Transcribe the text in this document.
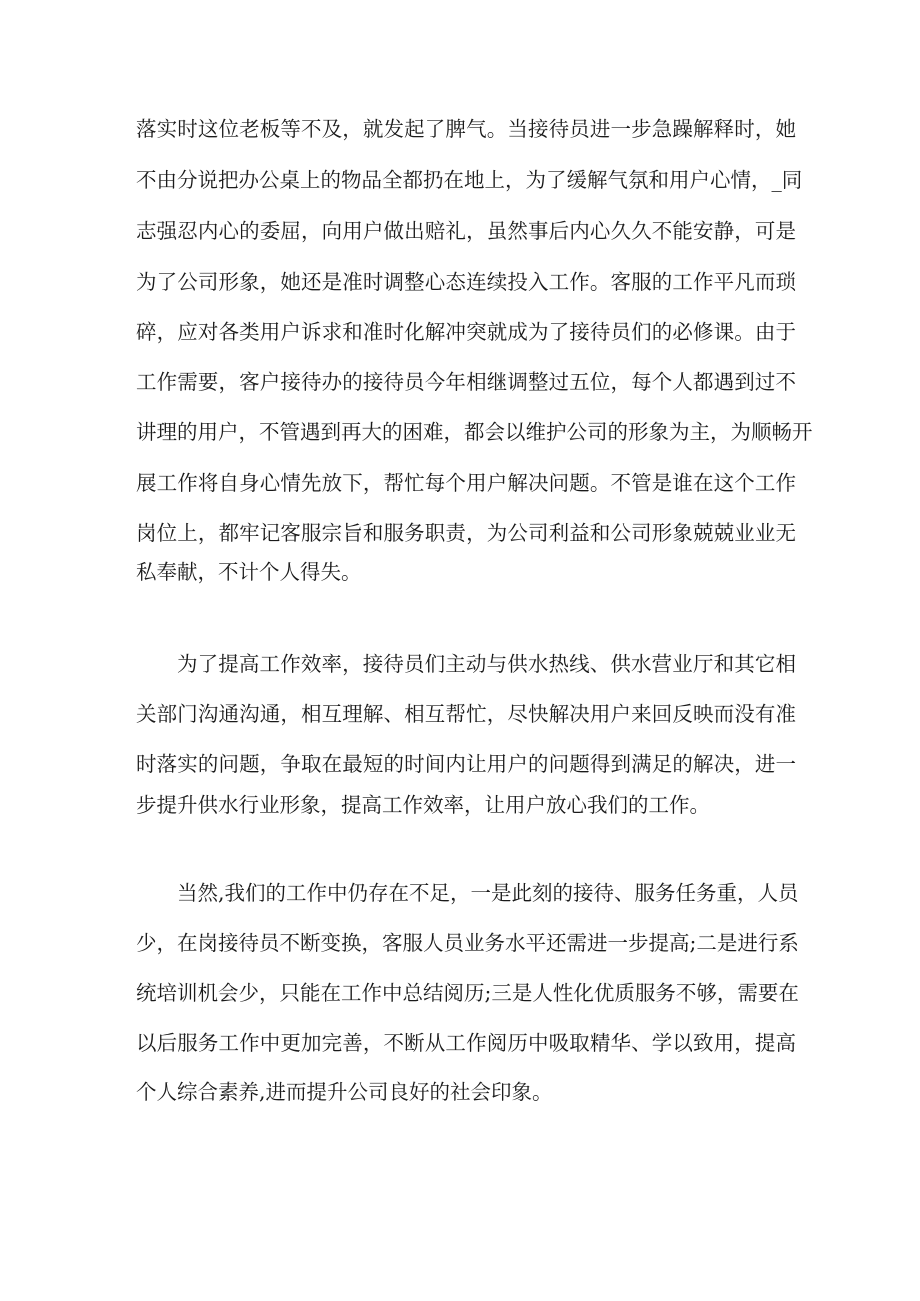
落实时这位老板等不及，就发起了脾气。当接待员进一步急躁解释时，她
不由分说把办公桌上的物品全都扔在地上，为了缓解气氛和用户心情，_同
志强忍内心的委屈，向用户做出赔礼，虽然事后内心久久不能安静，可是
为了公司形象，她还是准时调整心态连续投入工作。客服的工作平凡而琐
碎，应对各类用户诉求和准时化解冲突就成为了接待员们的必修课。由于
工作需要，客户接待办的接待员今年相继调整过五位，每个人都遇到过不
讲理的用户，不管遇到再大的困难，都会以维护公司的形象为主，为顺畅开
展工作将自身心情先放下，帮忙每个用户解决问题。不管是谁在这个工作
岗位上，都牢记客服宗旨和服务职责，为公司利益和公司形象兢兢业业无
私奉献，不计个人得失。
为了提高工作效率，接待员们主动与供水热线、供水营业厅和其它相
关部门沟通沟通，相互理解、相互帮忙，尽快解决用户来回反映而没有准
时落实的问题，争取在最短的时间内让用户的问题得到满足的解决，进一
步提升供水行业形象，提高工作效率，让用户放心我们的工作。
当然,我们的工作中仍存在不足，一是此刻的接待、服务任务重，人员
少，在岗接待员不断变换，客服人员业务水平还需进一步提高;二是进行系
统培训机会少，只能在工作中总结阅历;三是人性化优质服务不够，需要在
以后服务工作中更加完善，不断从工作阅历中吸取精华、学以致用，提高
个人综合素养,进而提升公司良好的社会印象。
